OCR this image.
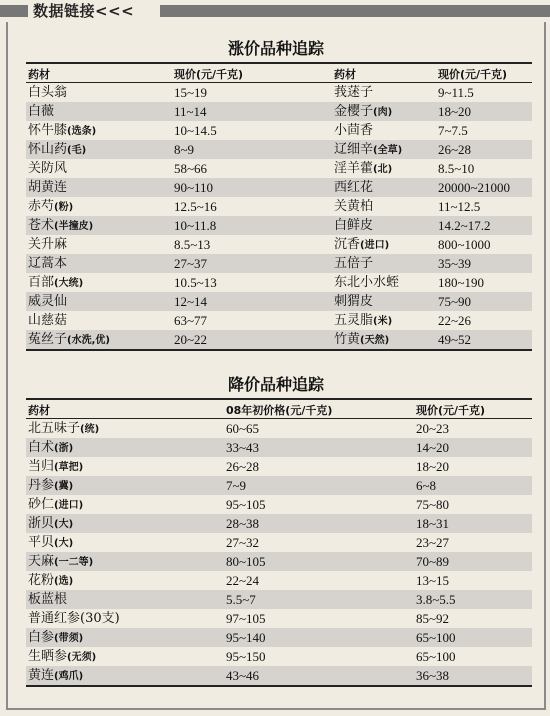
数据链接<<<
涨价品种追踪
药材	现价(元/千克)	药材	现价(元/千克)
白头翁	15~19	莪蒁子	9~11.5
白薇	11~14	金樱子(肉)	18~20
怀牛膝(选条)	10~14.5	小茴香	7~7.5
怀山药(毛)	8~9	辽细辛(全草)	26~28
关防风	58~66	淫羊藿(北)	8.5~10
胡黄连	90~110	西红花	20000~21000
赤芍(粉)	12.5~16	关黄柏	11~12.5
苍术(半撞皮)	10~11.8	白鲜皮	14.2~17.2
关升麻	8.5~13	沉香(进口)	800~1000
辽蒿本	27~37	五倍子	35~39
百部(大统)	10.5~13	东北小水蛭	180~190
威灵仙	12~14	刺猬皮	75~90
山慈菇	63~77	五灵脂(米)	22~26
菟丝子(水洗,优)	20~22	竹黄(天然)	49~52
降价品种追踪
药材	08年初价格(元/千克)	现价(元/千克)
北五味子(统)	60~65	20~23
白术(浙)	33~43	14~20
当归(草把)	26~28	18~20
丹参(冀)	7~9	6~8
砂仁(进口)	95~105	75~80
浙贝(大)	28~38	18~31
平贝(大)	27~32	23~27
天麻(一二等)	80~105	70~89
花粉(选)	22~24	13~15
板蓝根	5.5~7	3.8~5.5
普通红参(30支)	97~105	85~92
白参(带须)	95~140	65~100
生晒参(无须)	95~150	65~100
黄连(鸡爪)	43~46	36~38
